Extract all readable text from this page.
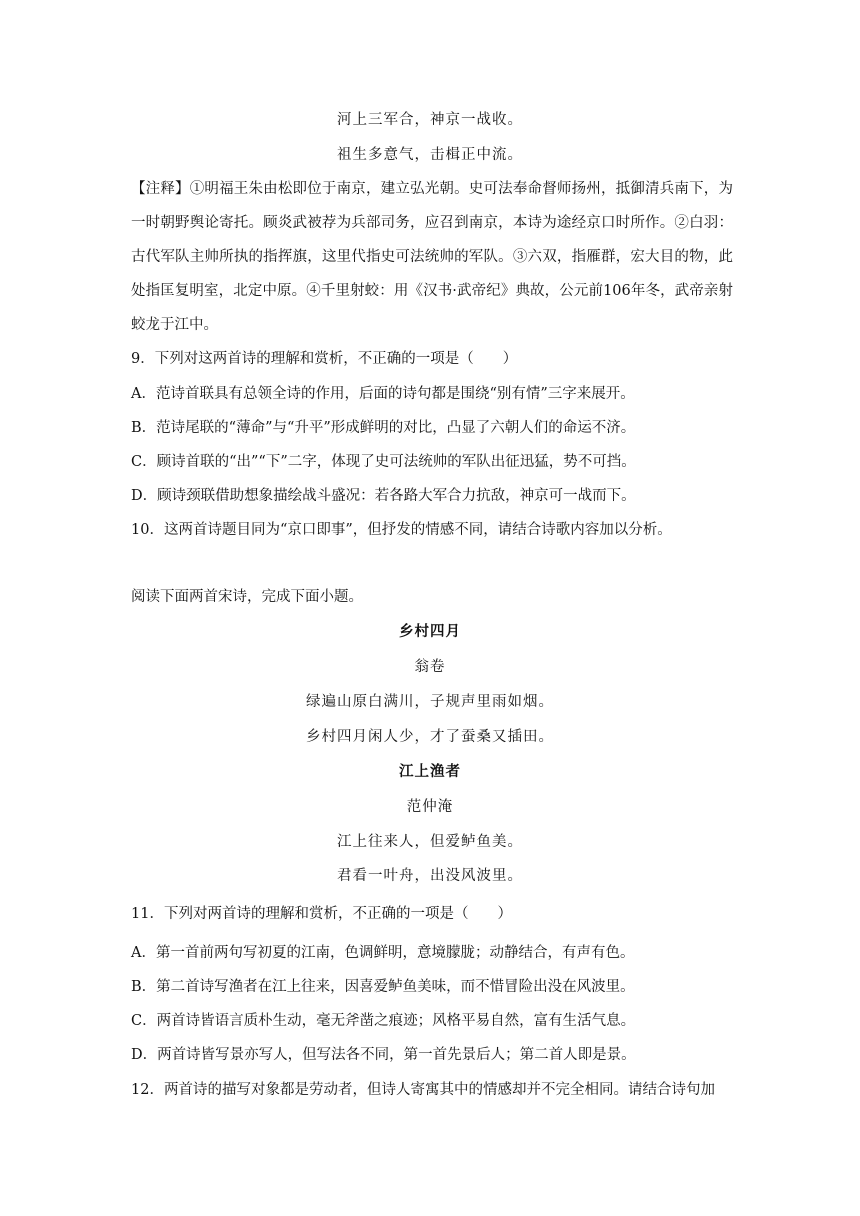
河上三军合，神京一战收。
祖生多意气，击楫正中流。
【注释】①明福王朱由松即位于南京，建立弘光朝。史可法奉命督师扬州，抵御清兵南下，为一时朝野舆论寄托。顾炎武被荐为兵部司务，应召到南京，本诗为途经京口时所作。②白羽：古代军队主帅所执的指挥旗，这里代指史可法统帅的军队。③六双，指雁群，宏大目的物，此处指匡复明室，北定中原。④千里射蛟：用《汉书·武帝纪》典故，公元前106年冬，武帝亲射蛟龙于江中。
9．下列对这两首诗的理解和赏析，不正确的一项是（　　）
A．范诗首联具有总领全诗的作用，后面的诗句都是围绕“别有情”三字来展开。
B．范诗尾联的“薄命”与“升平”形成鲜明的对比，凸显了六朝人们的命运不济。
C．顾诗首联的“出”“下”二字，体现了史可法统帅的军队出征迅猛，势不可挡。
D．顾诗颈联借助想象描绘战斗盛况：若各路大军合力抗敌，神京可一战而下。
10．这两首诗题目同为“京口即事”，但抒发的情感不同，请结合诗歌内容加以分析。
阅读下面两首宋诗，完成下面小题。
乡村四月
翁卷
绿遍山原白满川，子规声里雨如烟。
乡村四月闲人少，才了蚕桑又插田。
江上渔者
范仲淹
江上往来人，但爱鲈鱼美。
君看一叶舟，出没风波里。
11．下列对两首诗的理解和赏析，不正确的一项是（　　）
A．第一首前两句写初夏的江南，色调鲜明，意境朦胧；动静结合，有声有色。
B．第二首诗写渔者在江上往来，因喜爱鲈鱼美味，而不惜冒险出没在风波里。
C．两首诗皆语言质朴生动，毫无斧凿之痕迹；风格平易自然，富有生活气息。
D．两首诗皆写景亦写人，但写法各不同，第一首先景后人；第二首人即是景。
12．两首诗的描写对象都是劳动者，但诗人寄寓其中的情感却并不完全相同。请结合诗句加
